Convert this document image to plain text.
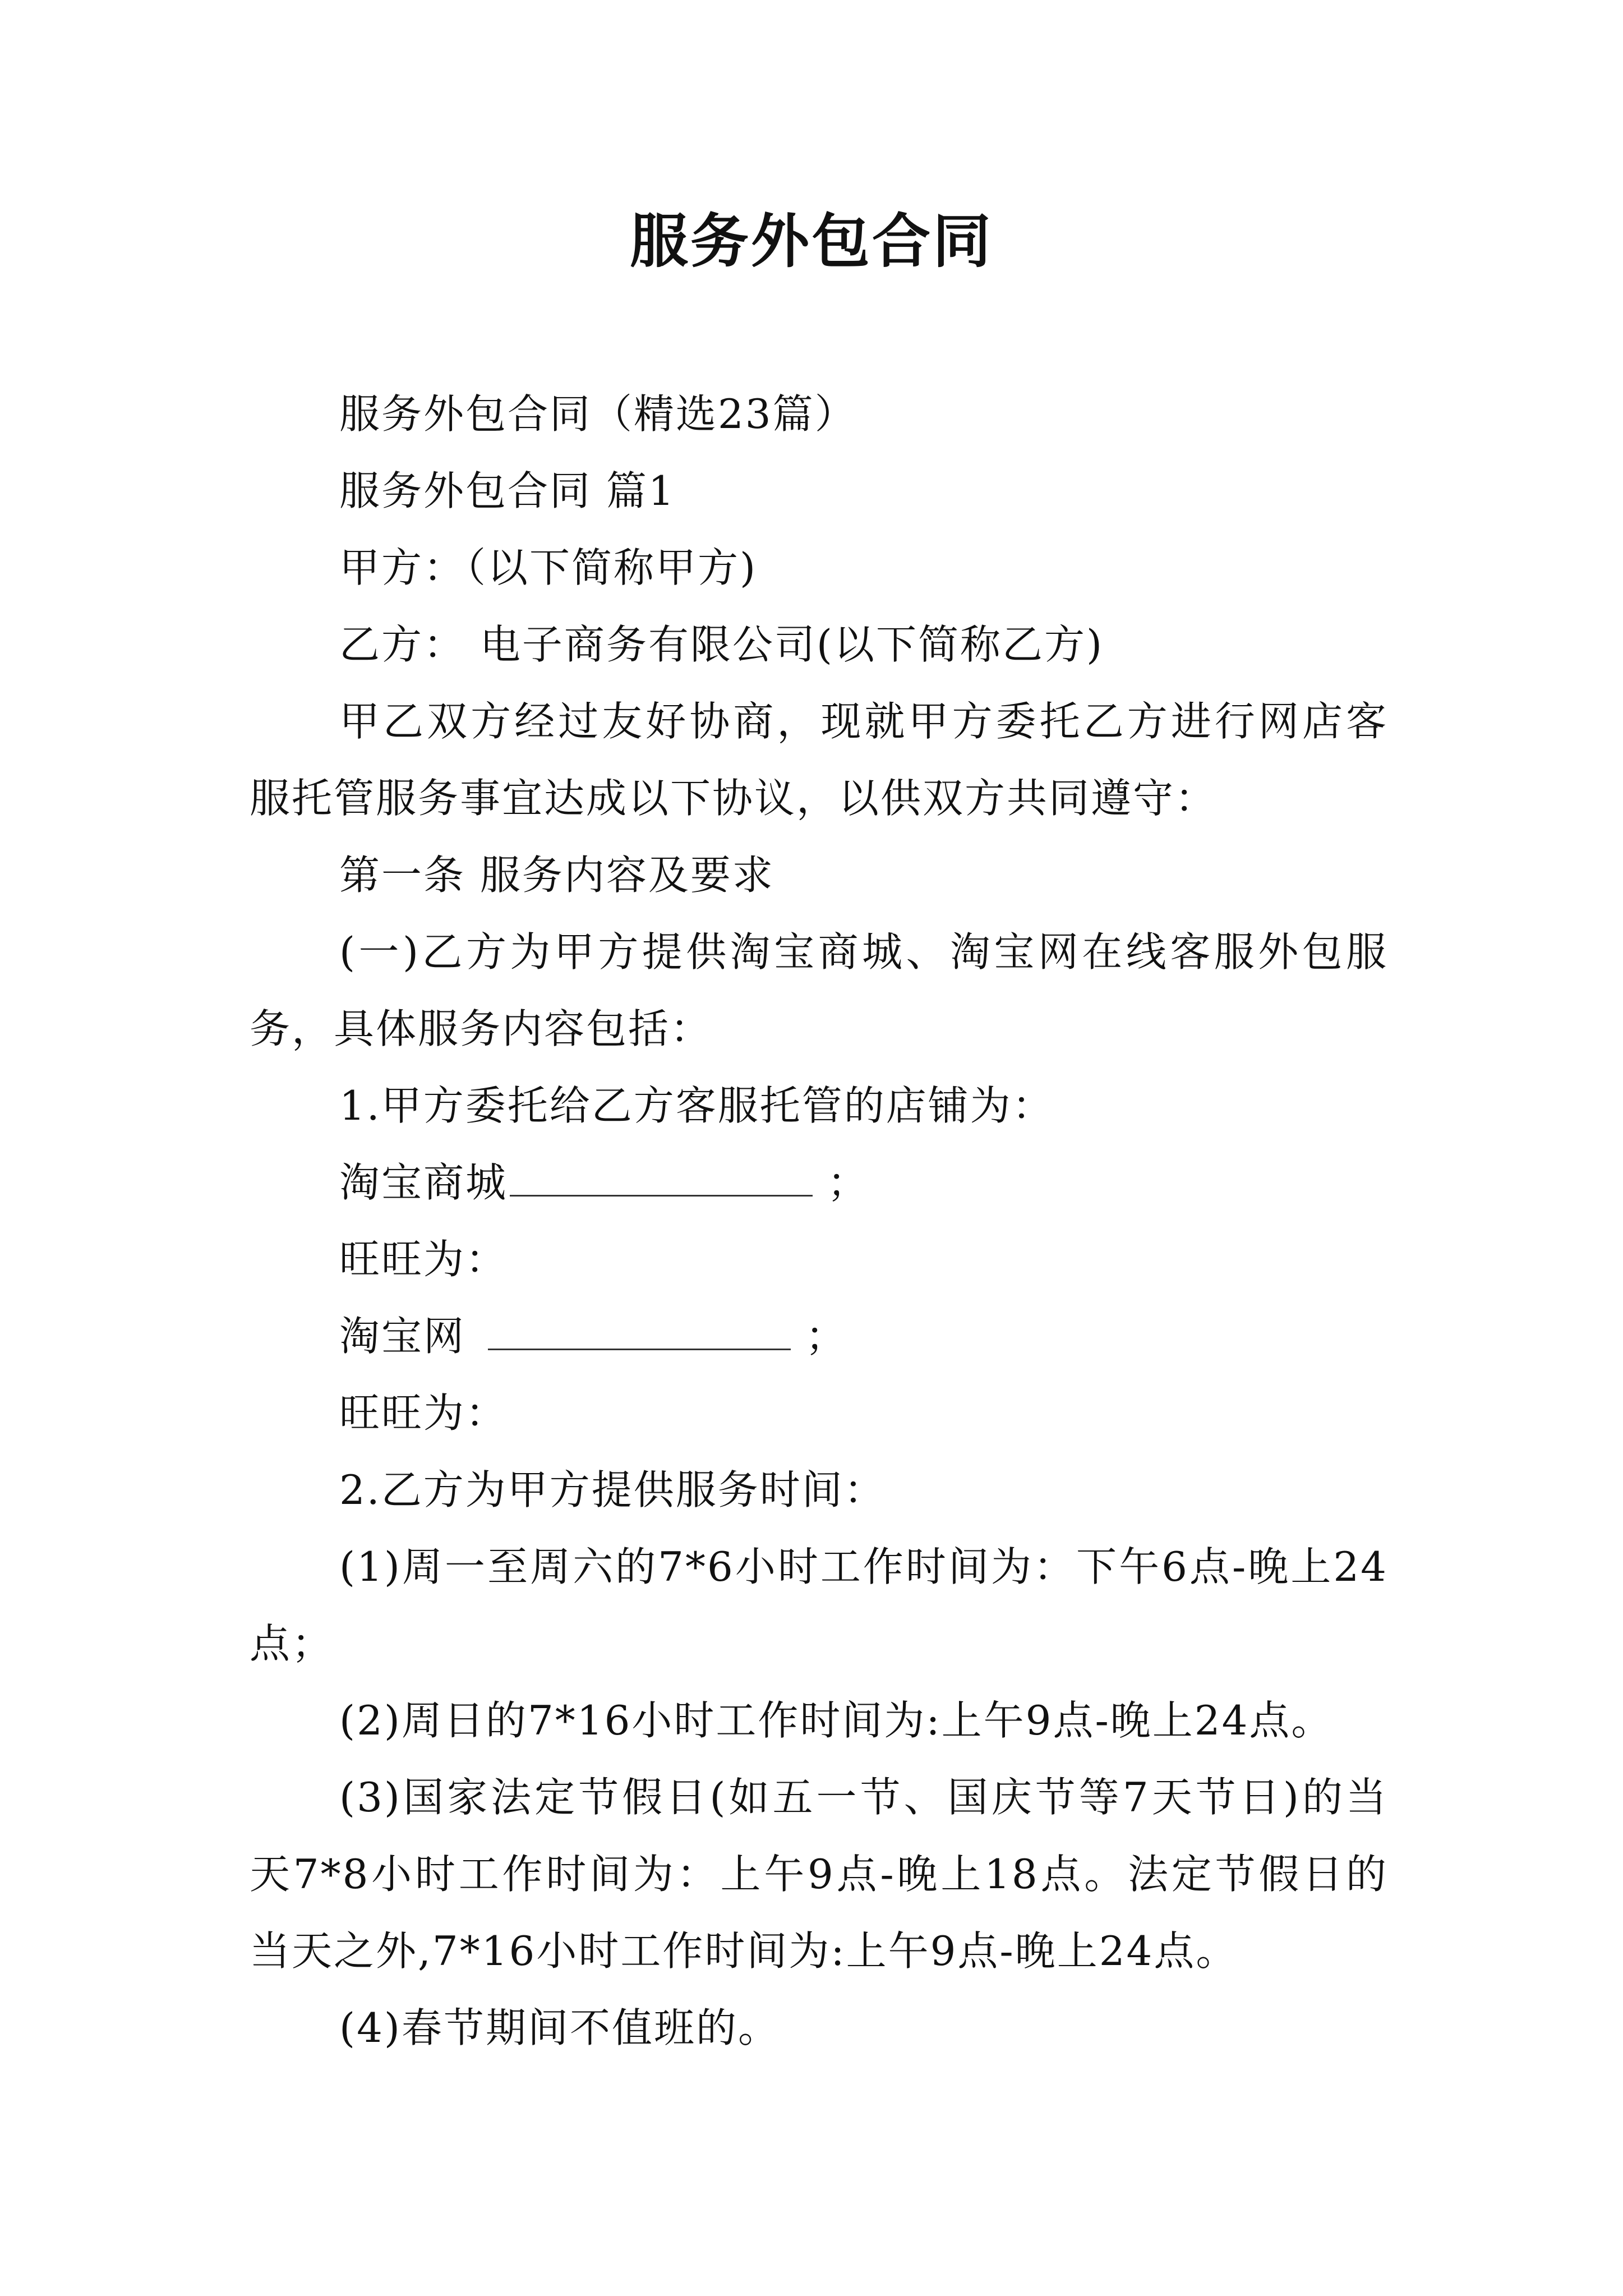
服务外包合同

服务外包合同（精选23篇）

服务外包合同 篇1

甲方：（以下简称甲方)

乙方： 电子商务有限公司(以下简称乙方)

甲乙双方经过友好协商，现就甲方委托乙方进行网店客服托管服务事宜达成以下协议，以供双方共同遵守：

第一条 服务内容及要求

(一)乙方为甲方提供淘宝商城、淘宝网在线客服外包服务，具体服务内容包括：

1.甲方委托给乙方客服托管的店铺为：

淘宝商城	；

旺旺为：

淘宝网	；

旺旺为：

2.乙方为甲方提供服务时间：

(1)周一至周六的7*6小时工作时间为：下午6点-晚上24点；

(2)周日的7*16小时工作时间为:上午9点-晚上24点。

(3)国家法定节假日(如五一节、国庆节等7天节日)的当天7*8小时工作时间为：上午9点-晚上18点。法定节假日的当天之外,7*16小时工作时间为:上午9点-晚上24点。

(4)春节期间不值班的。
